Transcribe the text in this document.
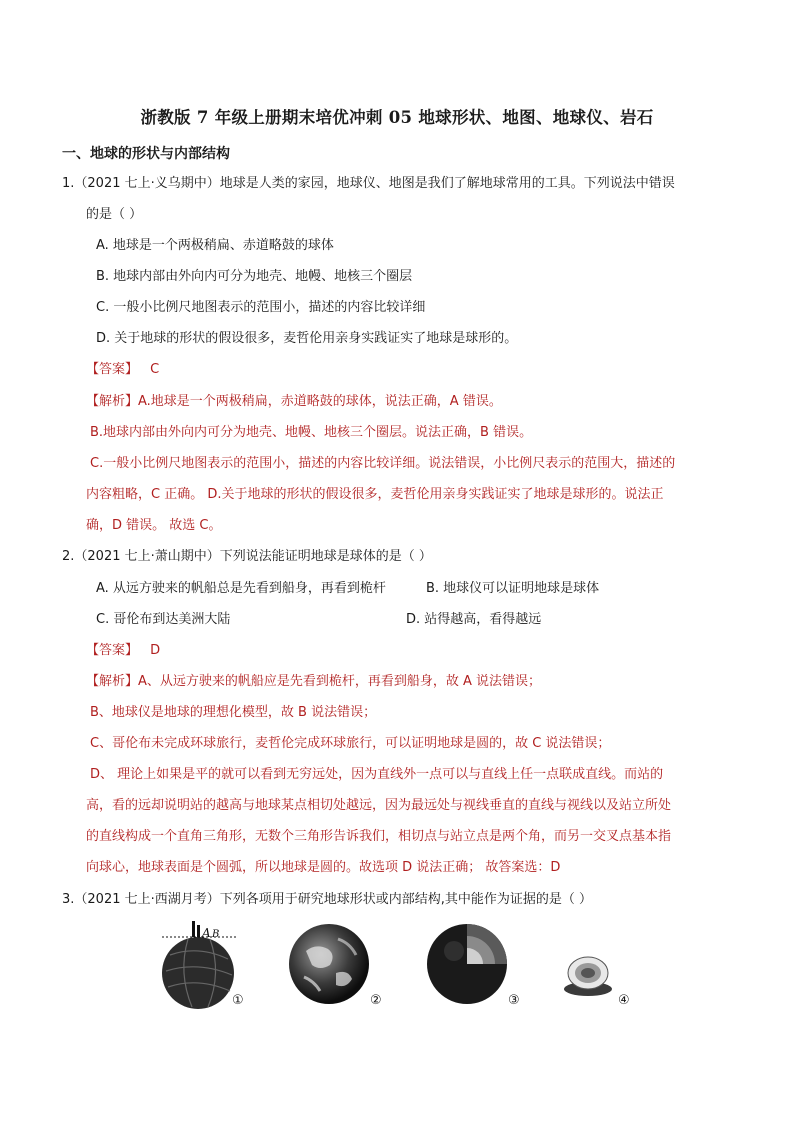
浙教版 7 年级上册期末培优冲刺 05 地球形状、地图、地球仪、岩石
一、地球的形状与内部结构
1.（2021 七上·义乌期中）地球是人类的家园，地球仪、地图是我们了解地球常用的工具。下列说法中错误
的是（ ）
A. 地球是一个两极稍扁、赤道略鼓的球体
B. 地球内部由外向内可分为地壳、地幔、地核三个圈层
C. 一般小比例尺地图表示的范围小，描述的内容比较详细
D. 关于地球的形状的假设很多，麦哲伦用亲身实践证实了地球是球形的。
【答案】 C
【解析】A.地球是一个两极稍扁，赤道略鼓的球体，说法正确，A 错误。
B.地球内部由外向内可分为地壳、地幔、地核三个圈层。说法正确，B 错误。
C.一般小比例尺地图表示的范围小，描述的内容比较详细。说法错误，小比例尺表示的范围大，描述的
内容粗略，C 正确。 D.关于地球的形状的假设很多，麦哲伦用亲身实践证实了地球是球形的。说法正
确，D 错误。 故选 C。
2.（2021 七上·萧山期中）下列说法能证明地球是球体的是（ ）
A. 从远方驶来的帆船总是先看到船身，再看到桅杆	B. 地球仪可以证明地球是球体
C. 哥伦布到达美洲大陆	D. 站得越高，看得越远
【答案】 D
【解析】A、从远方驶来的帆船应是先看到桅杆，再看到船身，故 A 说法错误；
B、地球仪是地球的理想化模型，故 B 说法错误；
C、哥伦布未完成环球旅行，麦哲伦完成环球旅行，可以证明地球是圆的，故 C 说法错误；
D、 理论上如果是平的就可以看到无穷远处，因为直线外一点可以与直线上任一点联成直线。而站的
高，看的远却说明站的越高与地球某点相切处越远，因为最远处与视线垂直的直线与视线以及站立所处
的直线构成一个直角三角形，无数个三角形告诉我们，相切点与站立点是两个角，而另一交叉点基本指
向球心，地球表面是个圆弧，所以地球是圆的。故选项 D 说法正确； 故答案选：D
3.（2021 七上·西湖月考）下列各项用于研究地球形状或内部结构,其中能作为证据的是（ ）
A B
①	②	③	④
